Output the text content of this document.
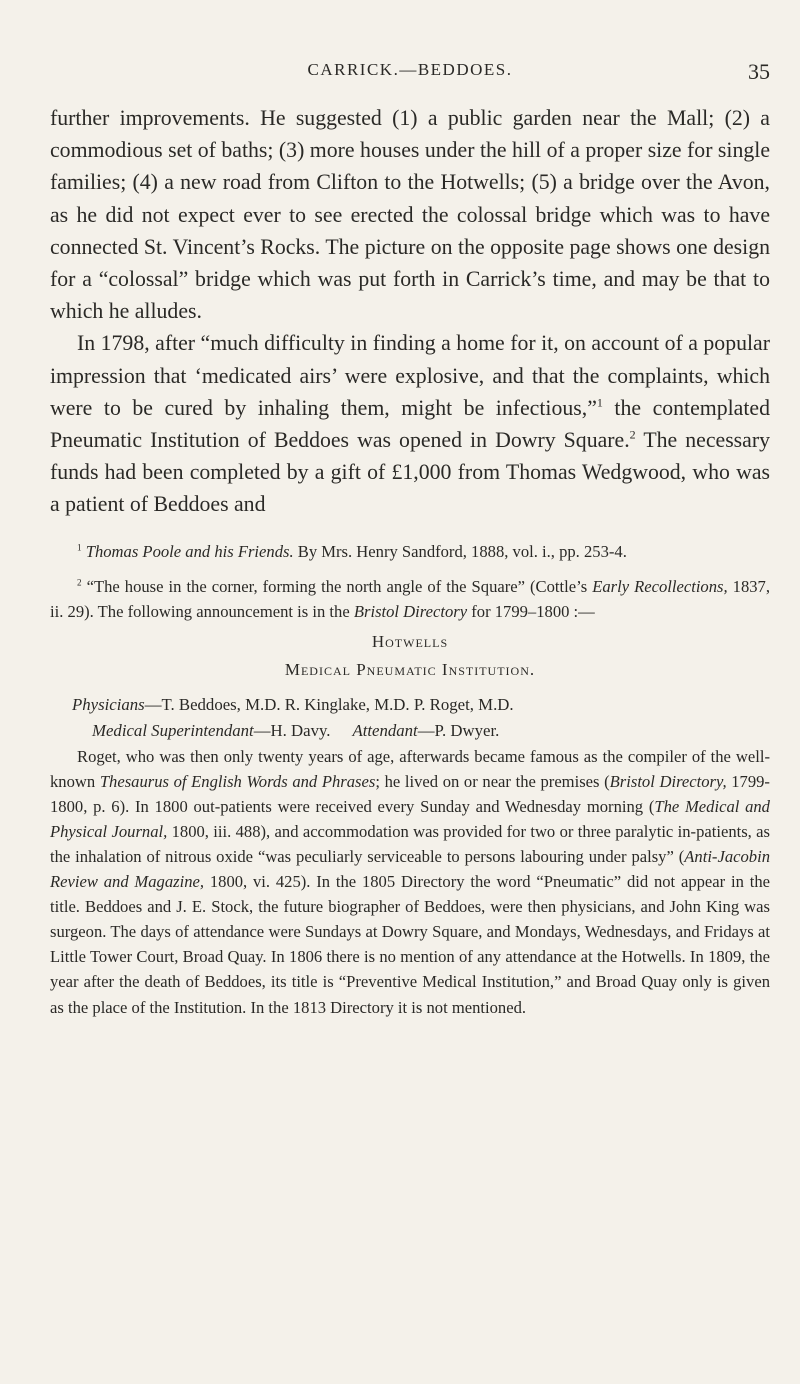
CARRICK.—BEDDOES.	35

further improvements. He suggested (1) a public garden near the Mall; (2) a commodious set of baths; (3) more houses under the hill of a proper size for single families; (4) a new road from Clifton to the Hotwells; (5) a bridge over the Avon, as he did not expect ever to see erected the colossal bridge which was to have connected St. Vincent’s Rocks. The picture on the opposite page shows one design for a “colossal” bridge which was put forth in Carrick’s time, and may be that to which he alludes.

In 1798, after “much difficulty in finding a home for it, on account of a popular impression that ‘medicated airs’ were explosive, and that the complaints, which were to be cured by inhaling them, might be infectious,”$^1$ the contemplated Pneumatic Institution of Beddoes was opened in Dowry Square.$^2$ The necessary funds had been completed by a gift of £1,000 from Thomas Wedgwood, who was a patient of Beddoes and

$^1$ Thomas Poole and his Friends. By Mrs. Henry Sandford, 1888, vol. i., pp. 253-4.

$^2$ “The house in the corner, forming the north angle of the Square” (Cottle’s Early Recollections, 1837, ii. 29). The following announcement is in the Bristol Directory for 1799–1800 :—

Hotwells
Medical Pneumatic Institution.
Physicians—T. Beddoes, M.D. R. Kinglake, M.D. P. Roget, M.D.
Medical Superintendant—H. Davy. Attendant—P. Dwyer.

Roget, who was then only twenty years of age, afterwards became famous as the compiler of the well-known Thesaurus of English Words and Phrases; he lived on or near the premises (Bristol Directory, 1799-1800, p. 6). In 1800 out-patients were received every Sunday and Wednesday morning (The Medical and Physical Journal, 1800, iii. 488), and accommodation was provided for two or three paralytic in-patients, as the inhalation of nitrous oxide “was peculiarly serviceable to persons labouring under palsy” (Anti-Jacobin Review and Magazine, 1800, vi. 425). In the 1805 Directory the word “Pneumatic” did not appear in the title. Beddoes and J. E. Stock, the future biographer of Beddoes, were then physicians, and John King was surgeon. The days of attendance were Sundays at Dowry Square, and Mondays, Wednesdays, and Fridays at Little Tower Court, Broad Quay. In 1806 there is no mention of any attendance at the Hotwells. In 1809, the year after the death of Beddoes, its title is “Preventive Medical Institution,” and Broad Quay only is given as the place of the Institution. In the 1813 Directory it is not mentioned.
